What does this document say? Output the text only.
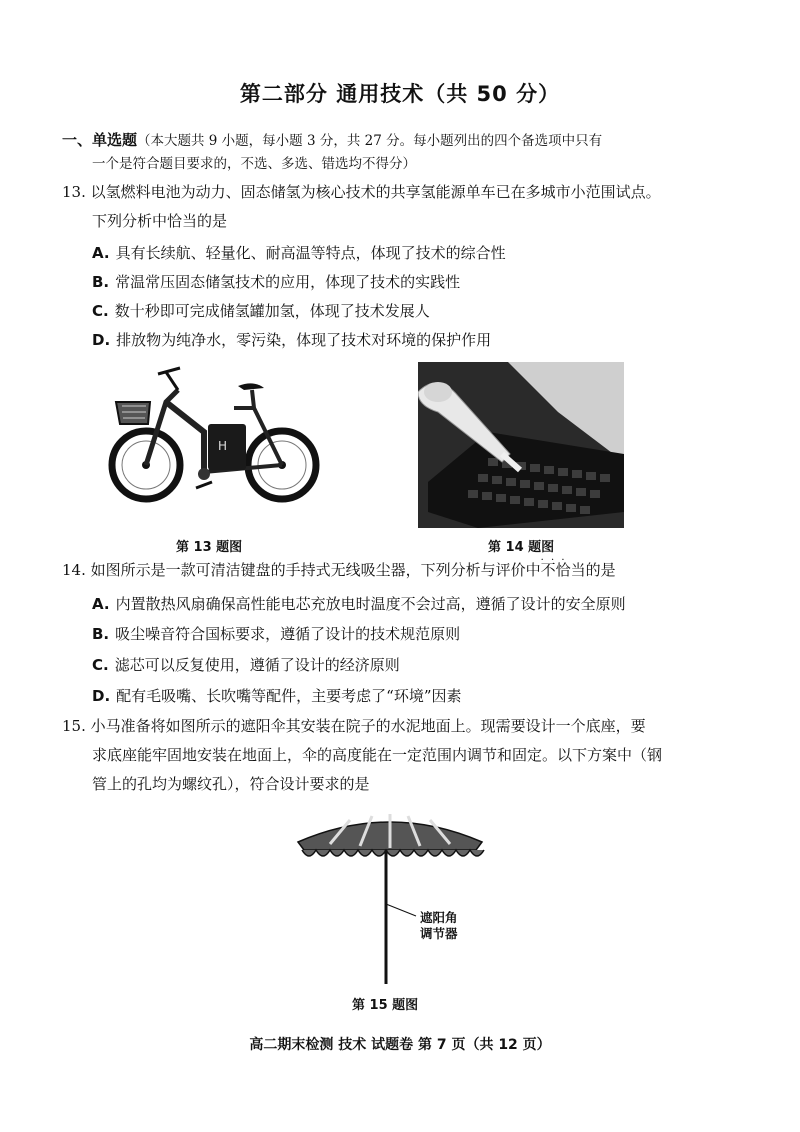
第二部分 通用技术（共 50 分）
一、单选题（本大题共 9 小题，每小题 3 分，共 27 分。每小题列出的四个备选项中只有
一个是符合题目要求的，不选、多选、错选均不得分）
13. 以氢燃料电池为动力、固态储氢为核心技术的共享氢能源单车已在多城市小范围试点。
下列分析中恰当的是
A. 具有长续航、轻量化、耐高温等特点，体现了技术的综合性
B. 常温常压固态储氢技术的应用，体现了技术的实践性
C. 数十秒即可完成储氢罐加氢，体现了技术发展人
D. 排放物为纯净水，零污染，体现了技术对环境的保护作用
H
第 13 题图	第 14 题图
14. 如图所示是一款可清洁键盘的手持式无线吸尘器，下列分析与评价中不恰当 · · ·的是
A. 内置散热风扇确保高性能电芯充放电时温度不会过高，遵循了设计的安全原则
B. 吸尘噪音符合国标要求，遵循了设计的技术规范原则
C. 滤芯可以反复使用，遵循了设计的经济原则
D. 配有毛吸嘴、长吹嘴等配件，主要考虑了“环境”因素
15. 小马准备将如图所示的遮阳伞其安装在院子的水泥地面上。现需要设计一个底座，要
求底座能牢固地安装在地面上，伞的高度能在一定范围内调节和固定。以下方案中（钢
管上的孔均为螺纹孔），符合设计要求的是
遮阳角
调节器
第 15 题图
高二期末检测 技术 试题卷 第 7 页（共 12 页）
